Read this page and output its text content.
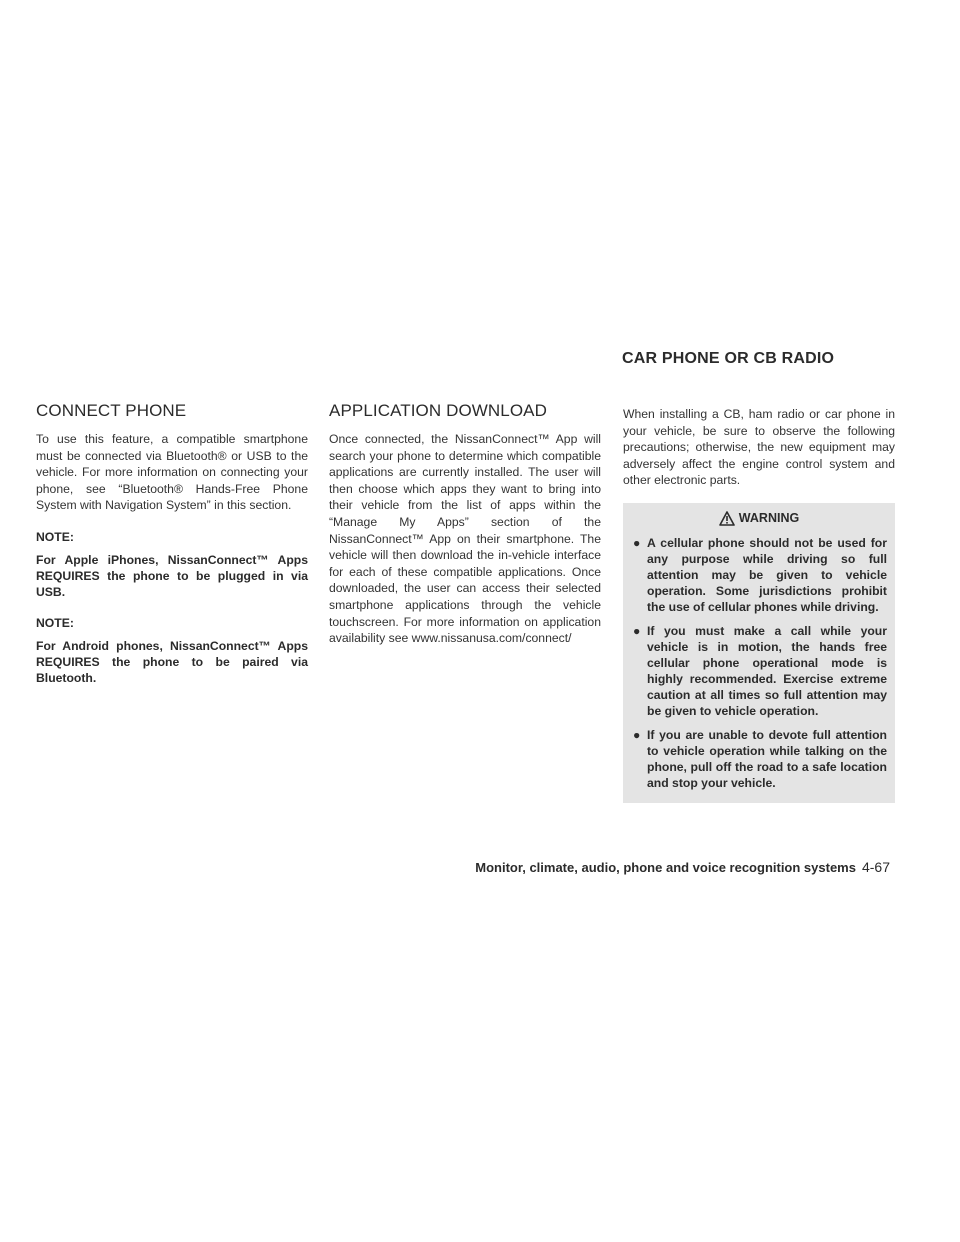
CAR PHONE OR CB RADIO
CONNECT PHONE

To use this feature, a compatible smartphone must be connected via Bluetooth® or USB to the vehicle. For more information on connecting your phone, see “Bluetooth® Hands-Free Phone System with Navigation System” in this section.

NOTE:

For Apple iPhones, NissanConnect™ Apps REQUIRES the phone to be plugged in via USB.

NOTE:

For Android phones, NissanConnect™ Apps REQUIRES the phone to be paired via Bluetooth.

APPLICATION DOWNLOAD

Once connected, the NissanConnect™ App will search your phone to determine which compatible applications are currently installed. The user will then choose which apps they want to bring into their vehicle from the list of apps within the “Manage My Apps” section of the NissanConnect™ App on their smartphone. The vehicle will then download the in-vehicle interface for each of these compatible applications. Once downloaded, the user can access their selected smartphone applications through the vehicle touchscreen. For more information on application availability see www.nissanusa.com/connect/

When installing a CB, ham radio or car phone in your vehicle, be sure to observe the following precautions; otherwise, the new equipment may adversely affect the engine control system and other electronic parts.

WARNING
● A cellular phone should not be used for any purpose while driving so full attention may be given to vehicle operation. Some jurisdictions prohibit the use of cellular phones while driving.
● If you must make a call while your vehicle is in motion, the hands free cellular phone operational mode is highly recommended. Exercise extreme caution at all times so full attention may be given to vehicle operation.
● If you are unable to devote full attention to vehicle operation while talking on the phone, pull off the road to a safe location and stop your vehicle.
Monitor, climate, audio, phone and voice recognition systems 4-67
